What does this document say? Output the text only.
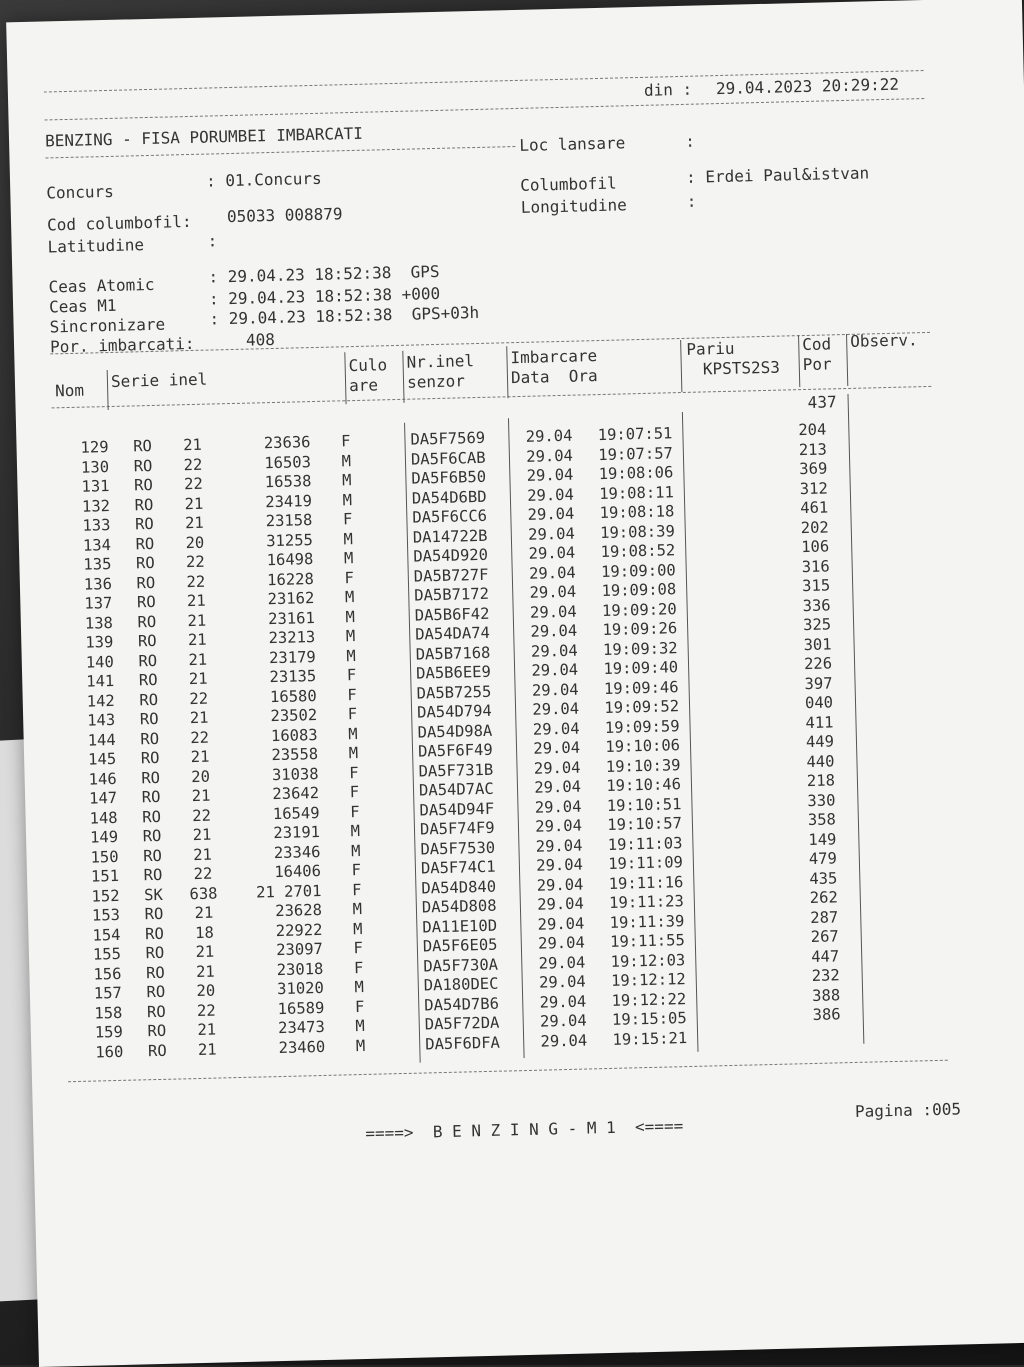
din : 29.04.2023 20:29:22
BENZING - FISA PORUMBEI IMBARCATI	Loc lansare	:
Concurs
: 01.Concurs	Columbofil	: Erdei Paul&istvan
Cod columbofil: 05033 008879	Longitudine	:
Latitudine	:
Ceas Atomic	: 29.04.23 18:52:38  GPS
Ceas M1	: 29.04.23 18:52:38 +000
Sincronizare	: 29.04.23 18:52:38  GPS+03h
Por. imbarcati:	408
Nom Serie inel
Culo
are
Nr.inel
senzor
Imbarcare
Data  Ora
Pariu
KPSTS2S3
Cod
Por
Observ.
437
129	RO	21	23636	F		DA5F7569	29.04	19:07:51		204
130	RO	22	16503	M		DA5F6CAB	29.04	19:07:57		213
131	RO	22	16538	M		DA5F6B50	29.04	19:08:06		369
132	RO	21	23419	M		DA54D6BD	29.04	19:08:11		312
133	RO	21	23158	F		DA5F6CC6	29.04	19:08:18		461
134	RO	20	31255	M		DA14722B	29.04	19:08:39		202
135	RO	22	16498	M		DA54D920	29.04	19:08:52		106
136	RO	22	16228	F		DA5B727F	29.04	19:09:00		316
137	RO	21	23162	M		DA5B7172	29.04	19:09:08		315
138	RO	21	23161	M		DA5B6F42	29.04	19:09:20		336
139	RO	21	23213	M		DA54DA74	29.04	19:09:26		325
140	RO	21	23179	M		DA5B7168	29.04	19:09:32		301
141	RO	21	23135	F		DA5B6EE9	29.04	19:09:40		226
142	RO	22	16580	F		DA5B7255	29.04	19:09:46		397
143	RO	21	23502	F		DA54D794	29.04	19:09:52		040
144	RO	22	16083	M		DA54D98A	29.04	19:09:59		411
145	RO	21	23558	M		DA5F6F49	29.04	19:10:06		449
146	RO	20	31038	F		DA5F731B	29.04	19:10:39		440
147	RO	21	23642	F		DA54D7AC	29.04	19:10:46		218
148	RO	22	16549	F		DA54D94F	29.04	19:10:51		330
149	RO	21	23191	M		DA5F74F9	29.04	19:10:57		358
150	RO	21	23346	M		DA5F7530	29.04	19:11:03		149
151	RO	22	16406	F		DA5F74C1	29.04	19:11:09		479
152	SK	638	21 2701	F		DA54D840	29.04	19:11:16		435
153	RO	21	23628	M		DA54D808	29.04	19:11:23		262
154	RO	18	22922	M		DA11E10D	29.04	19:11:39		287
155	RO	21	23097	F		DA5F6E05	29.04	19:11:55		267
156	RO	21	23018	F		DA5F730A	29.04	19:12:03		447
157	RO	20	31020	M		DA180DEC	29.04	19:12:12		232
158	RO	22	16589	F		DA54D7B6	29.04	19:12:22		388
159	RO	21	23473	M		DA5F72DA	29.04	19:15:05		386
160	RO	21	23460	M		DA5F6DFA	29.04	19:15:21		
====>  B E N Z I N G - M 1  <====
Pagina :005
